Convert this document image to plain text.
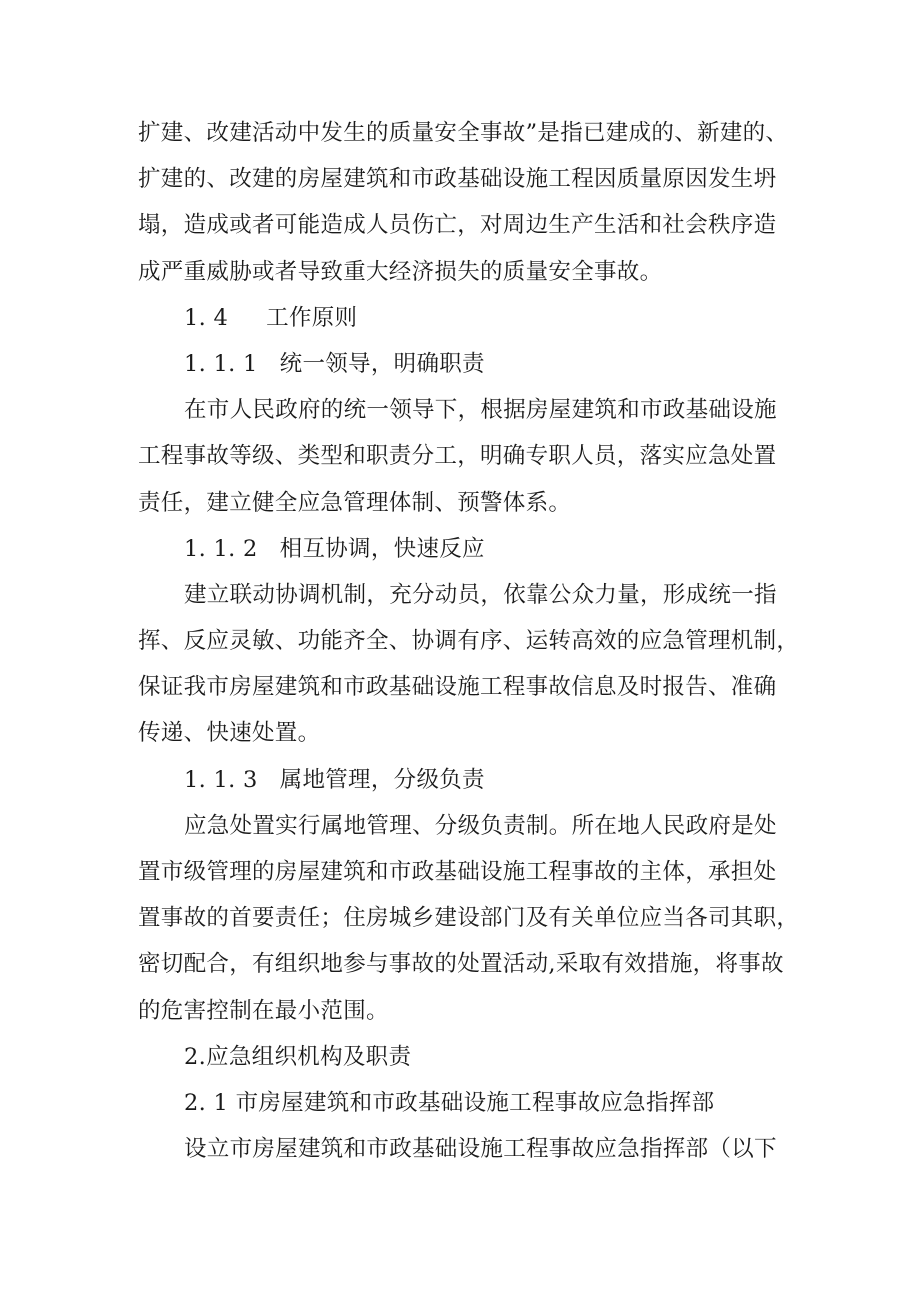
扩建、改建活动中发生的质量安全事故”是指已建成的、新建的、
扩建的、改建的房屋建筑和市政基础设施工程因质量原因发生坍
塌，造成或者可能造成人员伤亡，对周边生产生活和社会秩序造
成严重威胁或者导致重大经济损失的质量安全事故。
1. 4 工作原则
1. 1. 1 统一领导，明确职责
在市人民政府的统一领导下，根据房屋建筑和市政基础设施
工程事故等级、类型和职责分工，明确专职人员，落实应急处置
责任，建立健全应急管理体制、预警体系。
1. 1. 2 相互协调，快速反应
建立联动协调机制，充分动员，依靠公众力量，形成统一指
挥、反应灵敏、功能齐全、协调有序、运转高效的应急管理机制，
保证我市房屋建筑和市政基础设施工程事故信息及时报告、准确
传递、快速处置。
1. 1. 3 属地管理，分级负责
应急处置实行属地管理、分级负责制。所在地人民政府是处
置市级管理的房屋建筑和市政基础设施工程事故的主体，承担处
置事故的首要责任；住房城乡建设部门及有关单位应当各司其职，
密切配合，有组织地参与事故的处置活动,采取有效措施，将事故
的危害控制在最小范围。
2.应急组织机构及职责
2. 1 市房屋建筑和市政基础设施工程事故应急指挥部
设立市房屋建筑和市政基础设施工程事故应急指挥部（以下
